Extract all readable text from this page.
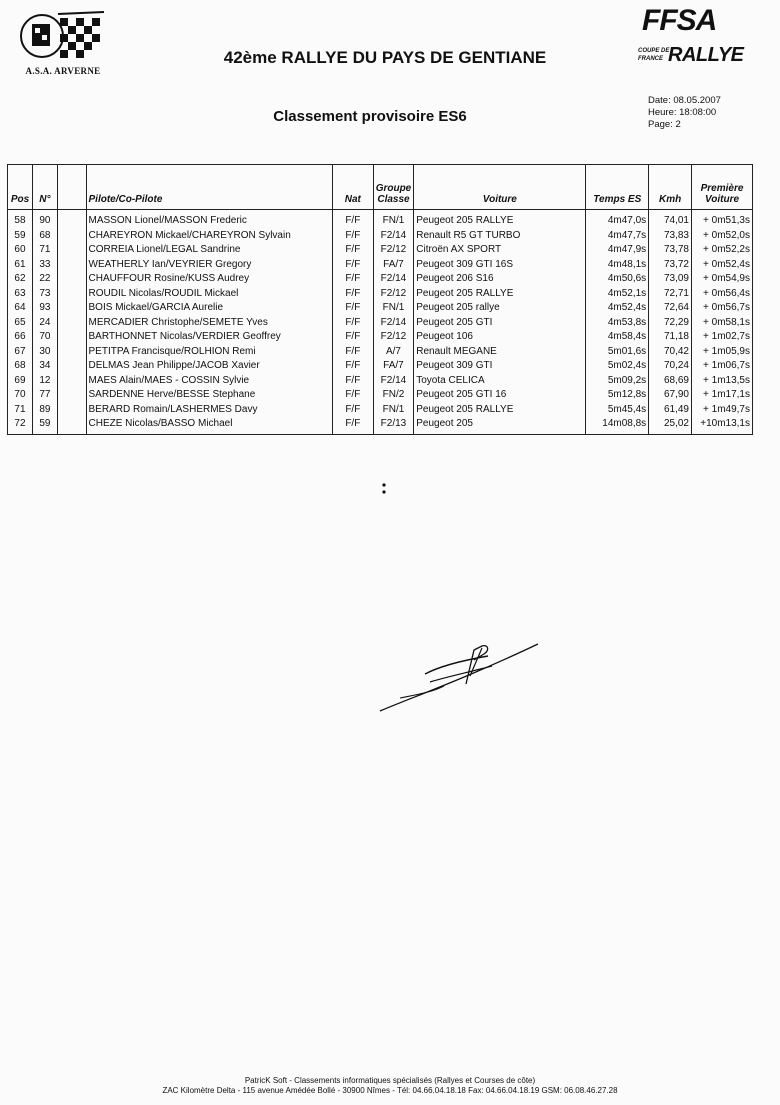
A.S.A. ARVERNE
42ème RALLYE DU PAYS DE GENTIANE
Classement provisoire ES6
FFSA
COUPE DE
FRANCE RALLYE
Date: 08.05.2007
Heure: 18:08:00
Page: 2
Pos	N°		Pilote/Co-Pilote	Nat	Groupe Classe	Voiture	Temps ES	Kmh	Première Voiture
58	90		MASSON Lionel/MASSON Frederic	F/F	FN/1	Peugeot 205 RALLYE	4m47,0s	74,01	+ 0m51,3s
59	68		CHAREYRON Mickael/CHAREYRON Sylvain	F/F	F2/14	Renault R5 GT TURBO	4m47,7s	73,83	+ 0m52,0s
60	71		CORREIA Lionel/LEGAL Sandrine	F/F	F2/12	Citroën AX SPORT	4m47,9s	73,78	+ 0m52,2s
61	33		WEATHERLY Ian/VEYRIER Gregory	F/F	FA/7	Peugeot 309 GTI 16S	4m48,1s	73,72	+ 0m52,4s
62	22		CHAUFFOUR Rosine/KUSS Audrey	F/F	F2/14	Peugeot 206 S16	4m50,6s	73,09	+ 0m54,9s
63	73		ROUDIL Nicolas/ROUDIL Mickael	F/F	F2/12	Peugeot 205 RALLYE	4m52,1s	72,71	+ 0m56,4s
64	93		BOIS Mickael/GARCIA Aurelie	F/F	FN/1	Peugeot 205 rallye	4m52,4s	72,64	+ 0m56,7s
65	24		MERCADIER Christophe/SEMETE Yves	F/F	F2/14	Peugeot 205 GTI	4m53,8s	72,29	+ 0m58,1s
66	70		BARTHONNET Nicolas/VERDIER Geoffrey	F/F	F2/12	Peugeot 106	4m58,4s	71,18	+ 1m02,7s
67	30		PETITPA Francisque/ROLHION Remi	F/F	A/7	Renault MEGANE	5m01,6s	70,42	+ 1m05,9s
68	34		DELMAS Jean Philippe/JACOB Xavier	F/F	FA/7	Peugeot 309 GTI	5m02,4s	70,24	+ 1m06,7s
69	12		MAES Alain/MAES - COSSIN Sylvie	F/F	F2/14	Toyota CELICA	5m09,2s	68,69	+ 1m13,5s
70	77		SARDENNE Herve/BESSE Stephane	F/F	FN/2	Peugeot 205 GTI 16	5m12,8s	67,90	+ 1m17,1s
71	89		BERARD Romain/LASHERMES Davy	F/F	FN/1	Peugeot 205 RALLYE	5m45,4s	61,49	+ 1m49,7s
72	59		CHEZE Nicolas/BASSO Michael	F/F	F2/13	Peugeot 205	14m08,8s	25,02	+10m13,1s
PatricK Soft - Classements informatiques spécialisés (Rallyes et Courses de côte)
ZAC Kilomètre Delta - 115 avenue Amédée Bollé - 30900 Nîmes - Tél: 04.66.04.18.18 Fax: 04.66.04.18.19 GSM: 06.08.46.27.28
